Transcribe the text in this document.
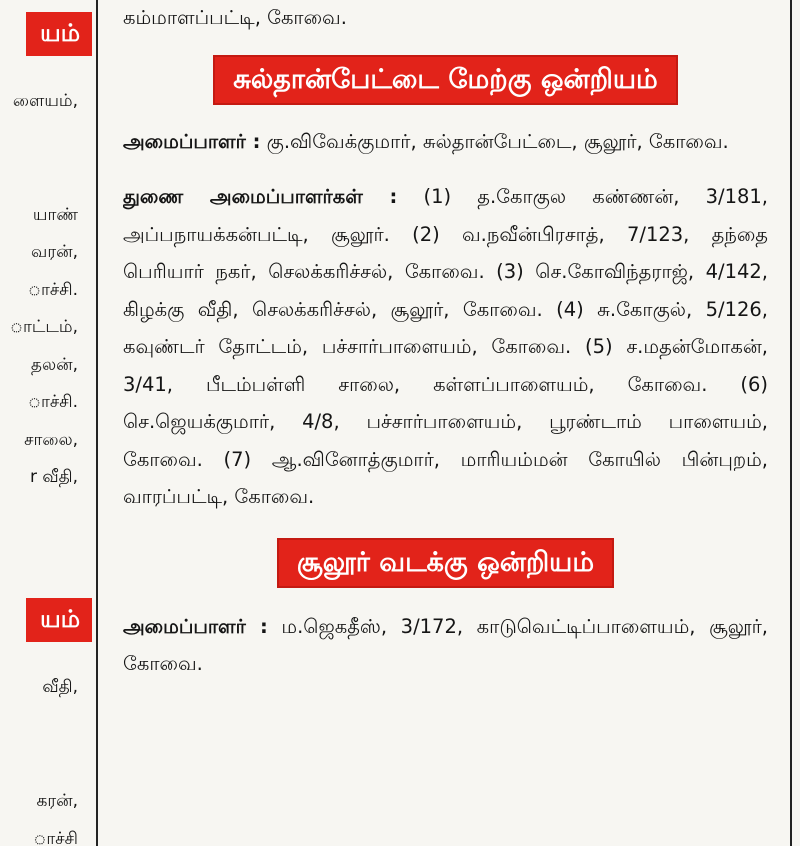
யம்
ளையம்,
யாண்
வரன்,
ாச்சி.
ாட்டம்,
தலன்,
ாச்சி.
சாலை,
r வீதி,
யம்
வீதி,
கரன்,
ாச்சி

கம்மாளப்பட்டி, கோவை.

சுல்தான்பேட்டை மேற்கு ஒன்றியம்

அமைப்பாளர் : கு.விவேக்குமார், சுல்தான்பேட்டை, சூலூர், கோவை.

துணை அமைப்பாளர்கள் : (1) த.கோகுல கண்ணன், 3/181, அப்பநாயக்கன்பட்டி, சூலூர். (2) வ.நவீன்பிரசாத், 7/123, தந்தை பெரியார் நகர், செலக்கரிச்சல், கோவை. (3) செ.கோவிந்தராஜ், 4/142, கிழக்கு வீதி, செலக்கரிச்சல், சூலூர், கோவை. (4) சு.கோகுல், 5/126, கவுண்டர் தோட்டம், பச்சார்பாளையம், கோவை. (5) ச.மதன்மோகன், 3/41, பீடம்பள்ளி சாலை, கள்ளப்பாளையம், கோவை. (6) செ.ஜெயக்குமார், 4/8, பச்சார்பாளையம், பூரண்டாம் பாளையம், கோவை. (7) ஆ.வினோத்குமார், மாரியம்மன் கோயில் பின்புறம், வாரப்பட்டி, கோவை.

சூலூர் வடக்கு ஒன்றியம்

அமைப்பாளர் : ம.ஜெகதீஸ், 3/172, காடுவெட்டிப்பாளையம், சூலூர், கோவை.
